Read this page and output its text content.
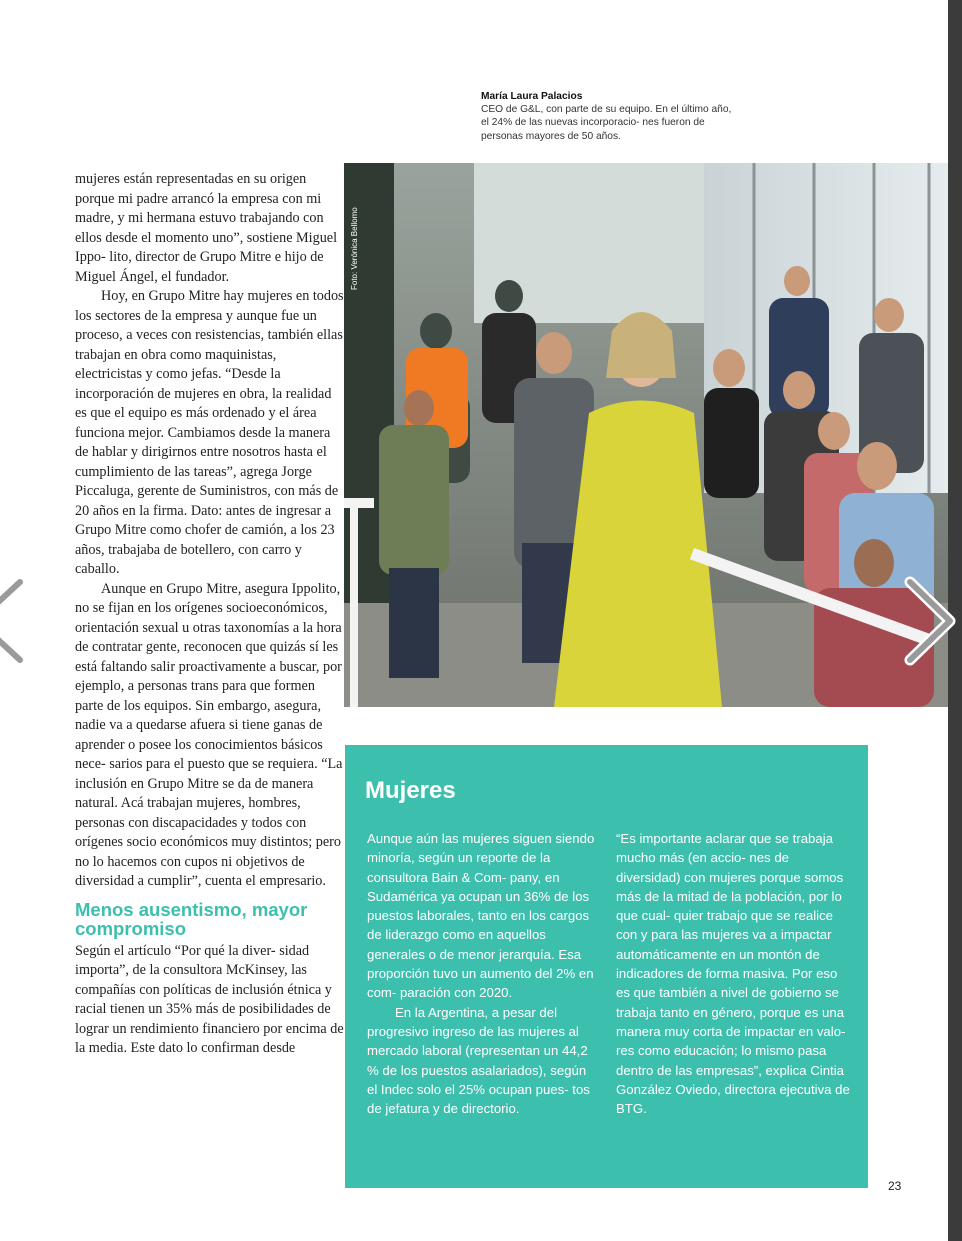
María Laura Palacios
CEO de G&L, con parte de su equipo. En el último año, el 24% de las nuevas incorporacio- nes fueron de personas mayores de 50 años.

mujeres están representadas en su origen porque mi padre arrancó la empresa con mi madre, y mi hermana estuvo trabajando con ellos desde el momento uno”, sostiene Miguel Ippo- lito, director de Grupo Mitre e hijo de Miguel Ángel, el fundador.

Hoy, en Grupo Mitre hay mujeres en todos los sectores de la empresa y aunque fue un proceso, a veces con resistencias, también ellas trabajan en obra como maquinistas, electricistas y como jefas. “Desde la incorporación de mujeres en obra, la realidad es que el equipo es más ordenado y el área funciona mejor. Cambiamos desde la manera de hablar y dirigirnos entre nosotros hasta el cumplimiento de las tareas”, agrega Jorge Piccaluga, gerente de Suministros, con más de 20 años en la firma. Dato: antes de ingresar a Grupo Mitre como chofer de camión, a los 23 años, trabajaba de botellero, con carro y caballo.

Aunque en Grupo Mitre, asegura Ippolito, no se fijan en los orígenes socioeconómicos, orientación sexual u otras taxonomías a la hora de contratar gente, reconocen que quizás sí les está faltando salir proactivamente a buscar, por ejemplo, a personas trans para que formen parte de los equipos. Sin embargo, asegura, nadie va a quedarse afuera si tiene ganas de aprender o posee los conocimientos básicos nece- sarios para el puesto que se requiera. “La inclusión en Grupo Mitre se da de manera natural. Acá trabajan mujeres, hombres, personas con discapacidades y todos con orígenes socio económicos muy distintos; pero no lo hacemos con cupos ni objetivos de diversidad a cumplir”, cuenta el empresario.

Menos ausentismo, mayor compromiso

Según el artículo “Por qué la diver- sidad importa”, de la consultora McKinsey, las compañías con políticas de inclusión étnica y racial tienen un 35% más de posibilidades de lograr un rendimiento financiero por encima de la media. Este dato lo confirman desde

Foto: Verónica Bellomo
Mujeres

Aunque aún las mujeres siguen siendo minoría, según un reporte de la consultora Bain & Com- pany, en Sudamérica ya ocupan un 36% de los puestos laborales, tanto en los cargos de liderazgo como en aquellos generales o de menor jerarquía. Esa proporción tuvo un aumento del 2% en com- paración con 2020.

En la Argentina, a pesar del progresivo ingreso de las mujeres al mercado laboral (representan un 44,2 % de los puestos asalariados), según el Indec solo el 25% ocupan pues- tos de jefatura y de directorio.

“Es importante aclarar que se trabaja mucho más (en accio- nes de diversidad) con mujeres porque somos más de la mitad de la población, por lo que cual- quier trabajo que se realice con y para las mujeres va a impactar automáticamente en un montón de indicadores de forma masiva. Por eso es que también a nivel de gobierno se trabaja tanto en género, porque es una manera muy corta de impactar en valo- res como educación; lo mismo pasa dentro de las empresas”, explica Cintia González Oviedo, directora ejecutiva de BTG.

23
